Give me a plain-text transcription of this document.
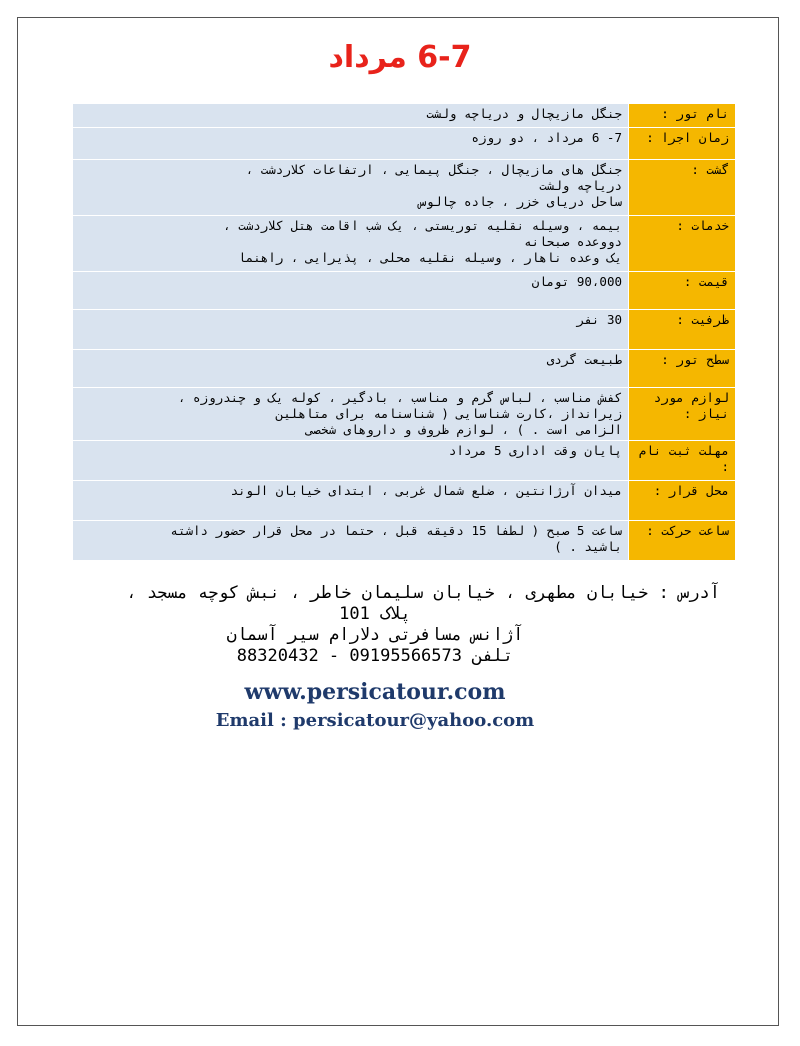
6-7 مرداد
نام تور :	جنگل مازیچال و دریاچه ولشت

زمان اجرا :	7- 6 مرداد ، دو روزه

گشت :	جنگل های مازیچال ، جنگل پیمایی ، ارتفاعات کلاردشت ،
دریاچه ولشت
ساحل دریای خزر ، جاده چالوس

خدمات :	بیمه ، وسیله نقلیه توریستی ، یک شب اقامت هتل کلاردشت ،
دووعده صبحانه
یک وعده ناهار ، وسیله نقلیه محلی ، پذیرایی ، راهنما

قیمت :	90،000 تومان

ظرفیت :	30 نفر

سطح تور :	طبیعت گردی

لوازم مورد نیاز :	کفش مناسب ، لباس گرم و مناسب ، بادگیر ، کوله یک و چندروزه ،
زیرانداز ،کارت شناسایی ( شناسنامه برای متاهلین
الزامی است . ) ، لوازم ظروف و داروهای شخصی

مهلت ثبت نام :	پایان وقت اداری 5 مرداد

محل قرار :	میدان آرژانتین ، ضلع شمال غربی ، ابتدای خیابان الوند

ساعت حرکت :	ساعت 5 صبح ( لطفا 15 دقیقه قبل ، حتما در محل قرار حضور داشته
باشید . )
آدرس : خیابان مطهری ، خیابان سلیمان خاطر ، نبش کوچه مسجد ،
پلاک 101
آژانس مسافرتی دلارام سیر آسمان
تلفن 09195566573 - 88320432
www.persicatour.com
Email : persicatour@yahoo.com
